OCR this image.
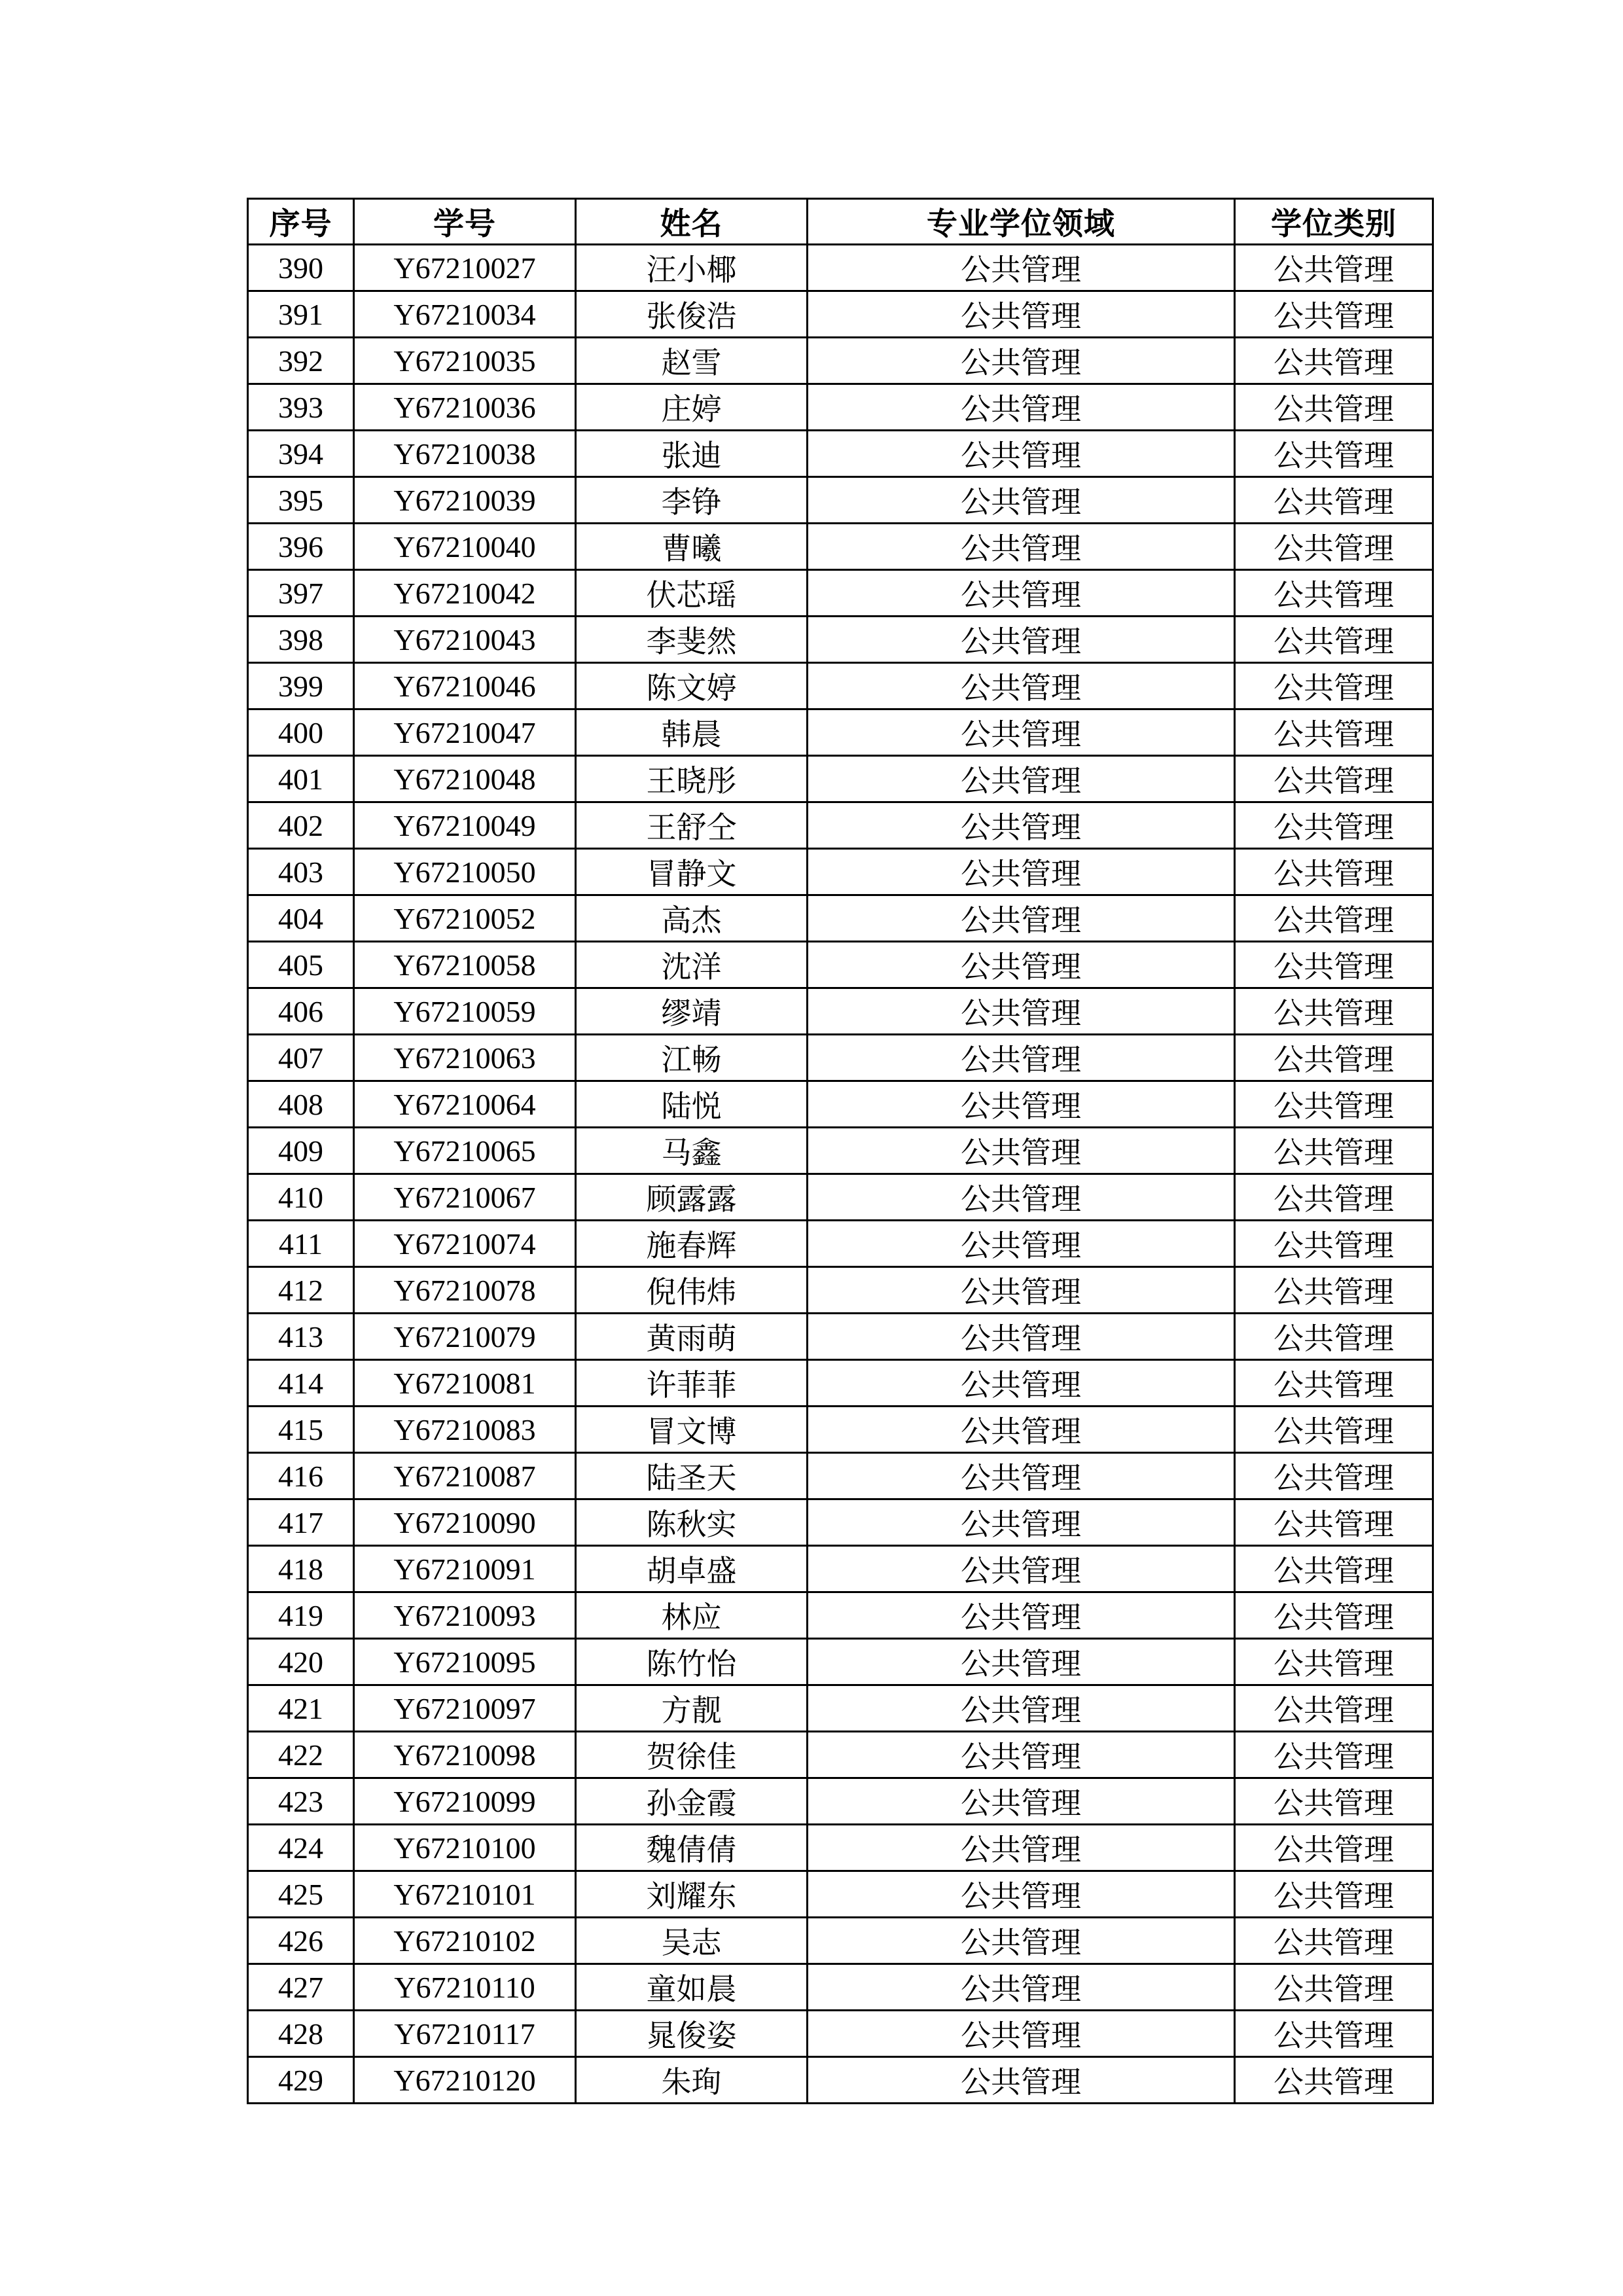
序号	学号	姓名	专业学位领域	学位类别
390	Y67210027	汪小椰	公共管理	公共管理
391	Y67210034	张俊浩	公共管理	公共管理
392	Y67210035	赵雪	公共管理	公共管理
393	Y67210036	庄婷	公共管理	公共管理
394	Y67210038	张迪	公共管理	公共管理
395	Y67210039	李铮	公共管理	公共管理
396	Y67210040	曹曦	公共管理	公共管理
397	Y67210042	伏芯瑶	公共管理	公共管理
398	Y67210043	李斐然	公共管理	公共管理
399	Y67210046	陈文婷	公共管理	公共管理
400	Y67210047	韩晨	公共管理	公共管理
401	Y67210048	王晓彤	公共管理	公共管理
402	Y67210049	王舒仝	公共管理	公共管理
403	Y67210050	冒静文	公共管理	公共管理
404	Y67210052	高杰	公共管理	公共管理
405	Y67210058	沈洋	公共管理	公共管理
406	Y67210059	缪靖	公共管理	公共管理
407	Y67210063	江畅	公共管理	公共管理
408	Y67210064	陆悦	公共管理	公共管理
409	Y67210065	马鑫	公共管理	公共管理
410	Y67210067	顾露露	公共管理	公共管理
411	Y67210074	施春辉	公共管理	公共管理
412	Y67210078	倪伟炜	公共管理	公共管理
413	Y67210079	黄雨萌	公共管理	公共管理
414	Y67210081	许菲菲	公共管理	公共管理
415	Y67210083	冒文博	公共管理	公共管理
416	Y67210087	陆圣天	公共管理	公共管理
417	Y67210090	陈秋实	公共管理	公共管理
418	Y67210091	胡卓盛	公共管理	公共管理
419	Y67210093	林应	公共管理	公共管理
420	Y67210095	陈竹怡	公共管理	公共管理
421	Y67210097	方靓	公共管理	公共管理
422	Y67210098	贺徐佳	公共管理	公共管理
423	Y67210099	孙金霞	公共管理	公共管理
424	Y67210100	魏倩倩	公共管理	公共管理
425	Y67210101	刘耀东	公共管理	公共管理
426	Y67210102	吴志	公共管理	公共管理
427	Y67210110	童如晨	公共管理	公共管理
428	Y67210117	晁俊姿	公共管理	公共管理
429	Y67210120	朱珣	公共管理	公共管理
